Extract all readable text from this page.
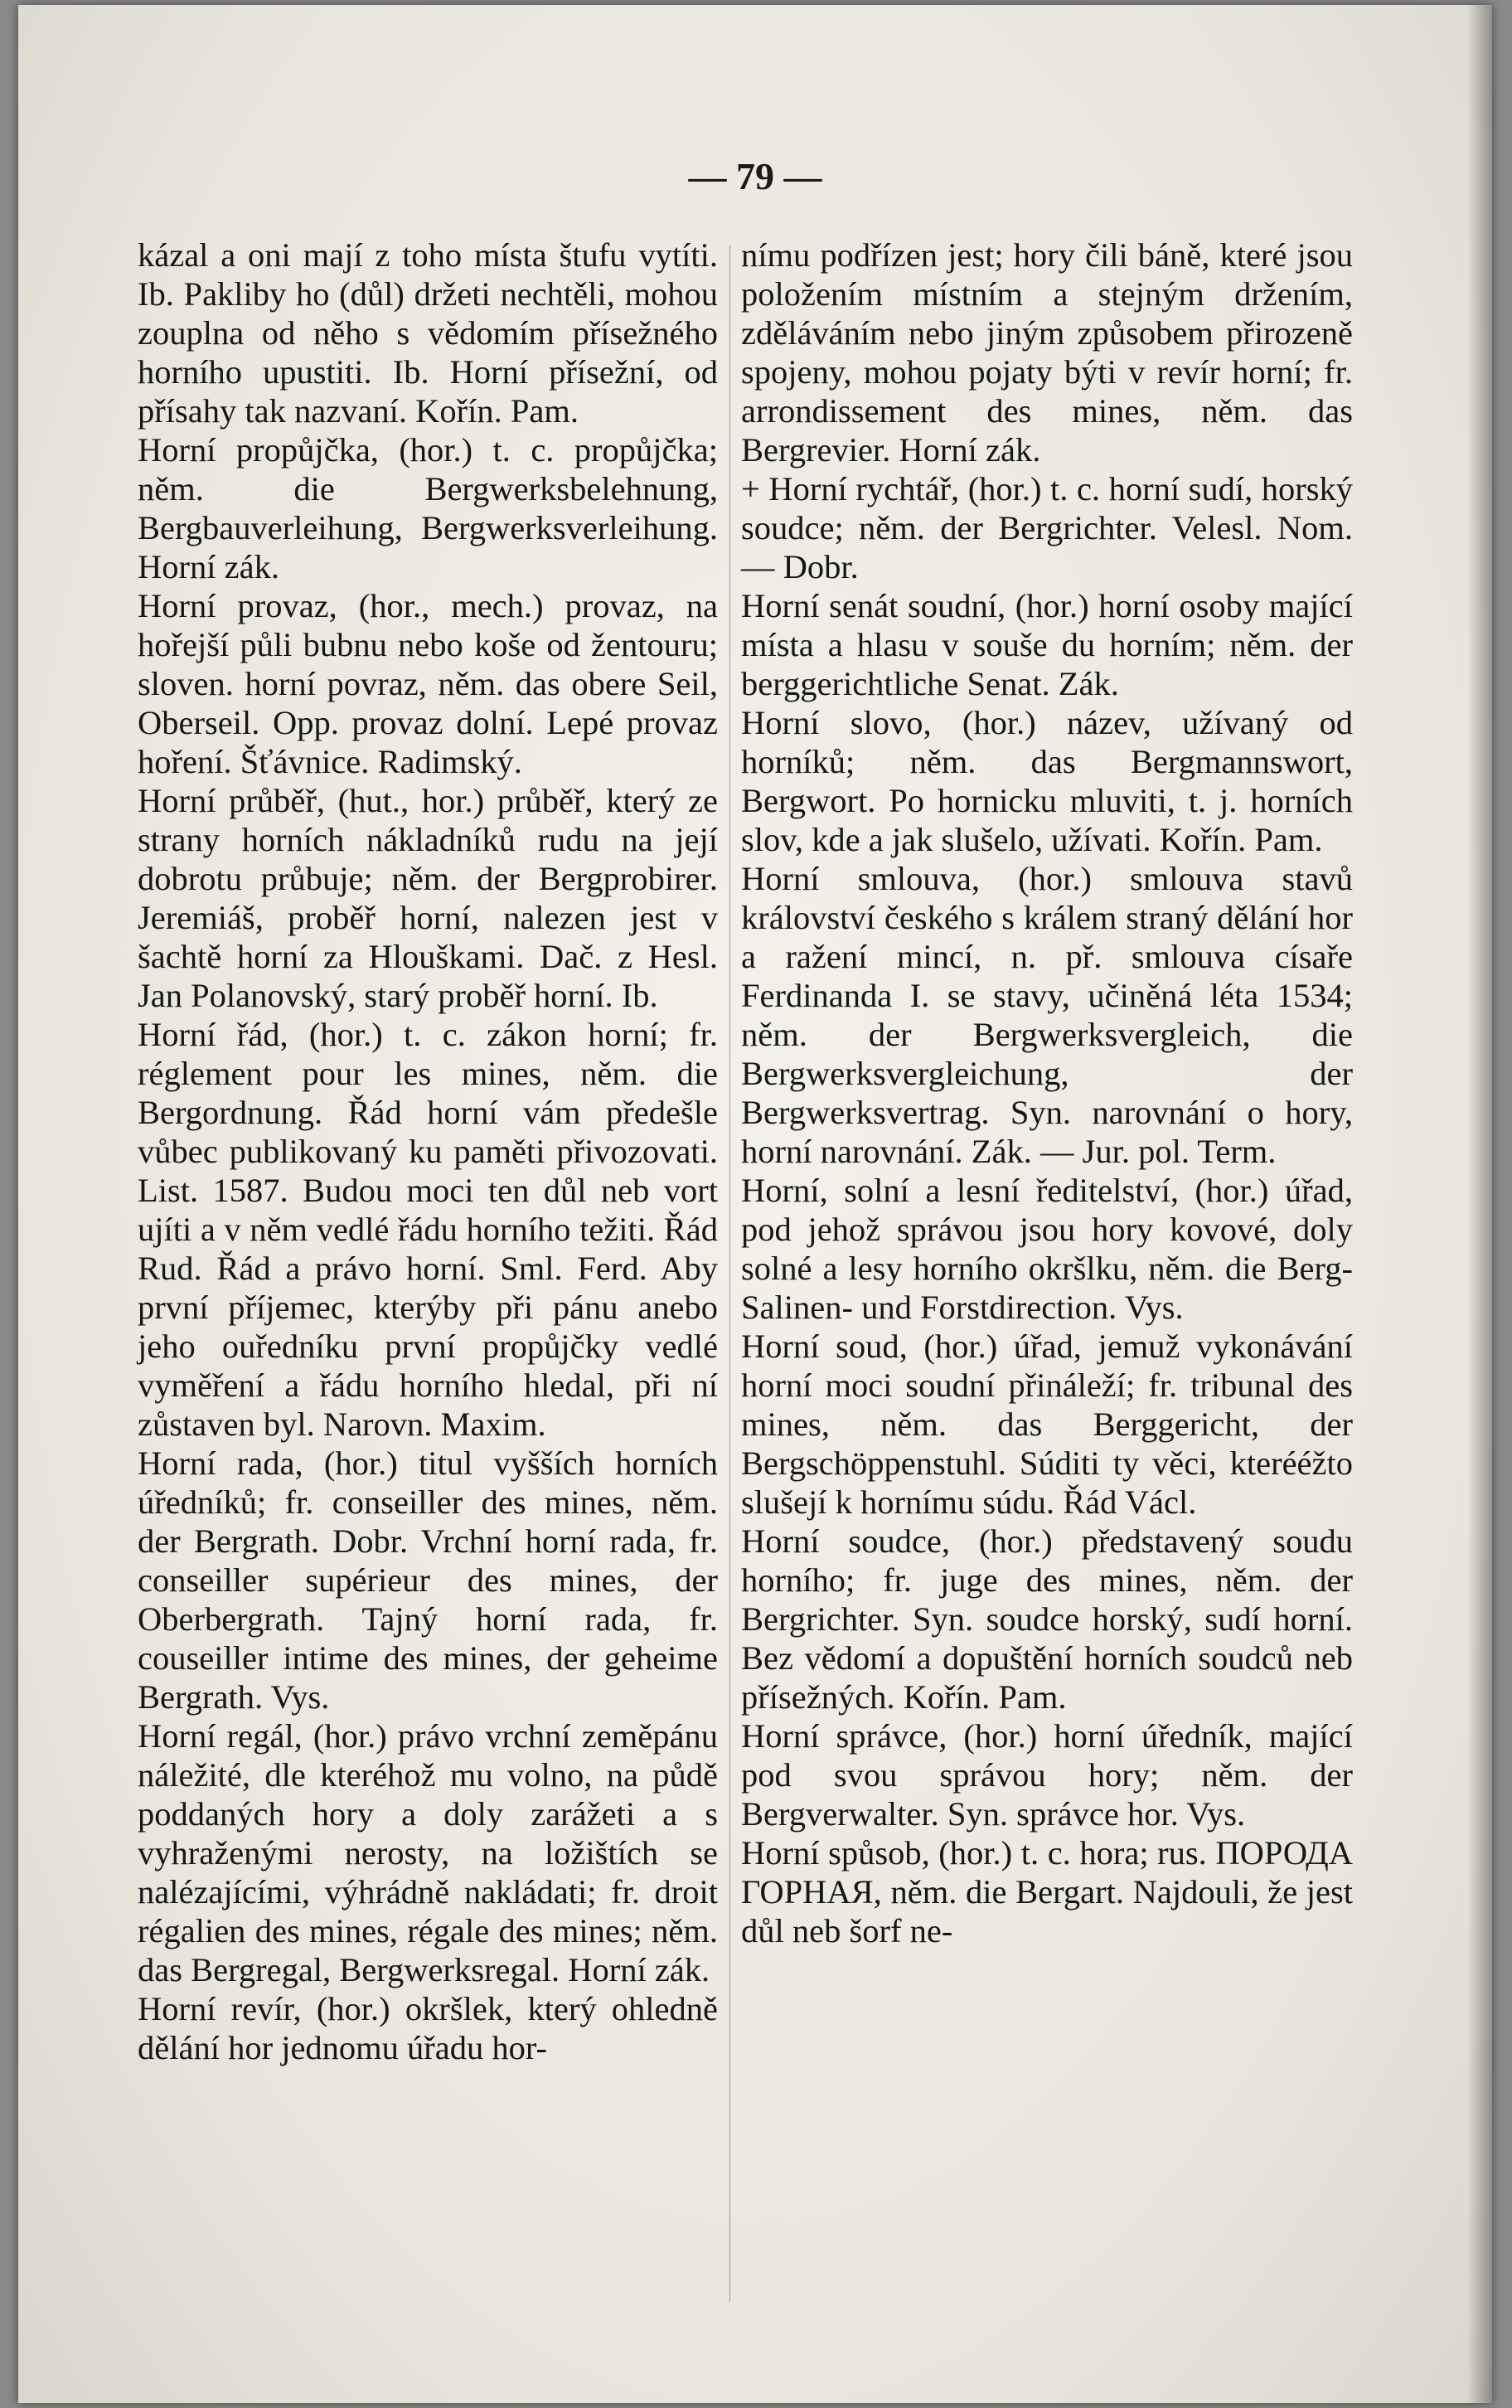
— 79 —

kázal a oni mají z toho místa štufu vytíti. Ib. Pakliby ho (důl) držeti nechtěli, mohou zouplna od něho s vědomím přísežného horního upustiti. Ib. Horní přísežní, od přísahy tak nazvaní. Kořín. Pam.

Horní propůjčka, (hor.) t. c. propůjčka; něm. die Bergwerksbelehnung, Bergbauverleihung, Bergwerksverleihung. Horní zák.

Horní provaz, (hor., mech.) provaz, na hořejší půli bubnu nebo koše od žentouru; sloven. horní povraz, něm. das obere Seil, Oberseil. Opp. provaz dolní. Lepé provaz hoření. Šťávnice. Radimský.

Horní průběř, (hut., hor.) průběř, který ze strany horních nákladníků rudu na její dobrotu průbuje; něm. der Bergprobirer. Jeremiáš, proběř horní, nalezen jest v šachtě horní za Hlouškami. Dač. z Hesl. Jan Polanovský, starý proběř horní. Ib.

Horní řád, (hor.) t. c. zákon horní; fr. réglement pour les mines, něm. die Bergordnung. Řád horní vám předešle vůbec publikovaný ku paměti přivozovati. List. 1587. Budou moci ten důl neb vort ujíti a v něm vedlé řádu horního težiti. Řád Rud. Řád a právo horní. Sml. Ferd. Aby první příjemec, kterýby při pánu anebo jeho ouředníku první propůjčky vedlé vyměření a řádu horního hledal, při ní zůstaven byl. Narovn. Maxim.

Horní rada, (hor.) titul vyšších horních úředníků; fr. conseiller des mines, něm. der Bergrath. Dobr. Vrchní horní rada, fr. conseiller supérieur des mines, der Oberbergrath. Tajný horní rada, fr. couseiller intime des mines, der geheime Bergrath. Vys.

Horní regál, (hor.) právo vrchní zeměpánu náležité, dle kteréhož mu volno, na půdě poddaných hory a doly zarážeti a s vyhraženými nerosty, na ložištích se nalézajícími, výhrádně nakládati; fr. droit régalien des mines, régale des mines; něm. das Bergregal, Bergwerksregal. Horní zák.

Horní revír, (hor.) okršlek, který ohledně dělání hor jednomu úřadu hor-

nímu podřízen jest; hory čili báně, které jsou položením místním a stejným držením, zděláváním nebo jiným způsobem přirozeně spojeny, mohou pojaty býti v revír horní; fr. arrondissement des mines, něm. das Bergrevier. Horní zák.

+ Horní rychtář, (hor.) t. c. horní sudí, horský soudce; něm. der Bergrichter. Velesl. Nom. — Dobr.

Horní senát soudní, (hor.) horní osoby mající místa a hlasu v souše du horním; něm. der berggerichtliche Senat. Zák.

Horní slovo, (hor.) název, užívaný od horníků; něm. das Bergmannswort, Bergwort. Po hornicku mluviti, t. j. horních slov, kde a jak slušelo, užívati. Kořín. Pam.

Horní smlouva, (hor.) smlouva stavů království českého s králem straný dělání hor a ražení mincí, n. př. smlouva císaře Ferdinanda I. se stavy, učiněná léta 1534; něm. der Bergwerksvergleich, die Bergwerksvergleichung, der Bergwerksvertrag. Syn. narovnání o hory, horní narovnání. Zák. — Jur. pol. Term.

Horní, solní a lesní ředitelství, (hor.) úřad, pod jehož správou jsou hory kovové, doly solné a lesy horního okršlku, něm. die Berg-Salinen- und Forstdirection. Vys.

Horní soud, (hor.) úřad, jemuž vykonávání horní moci soudní přináleží; fr. tribunal des mines, něm. das Berggericht, der Bergschöppenstuhl. Súditi ty věci, kterééžto slušejí k hornímu súdu. Řád Václ.

Horní soudce, (hor.) představený soudu horního; fr. juge des mines, něm. der Bergrichter. Syn. soudce horský, sudí horní. Bez vědomí a dopuštění horních soudců neb přísežných. Kořín. Pam.

Horní správce, (hor.) horní úředník, mající pod svou správou hory; něm. der Bergverwalter. Syn. správce hor. Vys.

Horní spůsob, (hor.) t. c. hora; rus. ПОРОДА ГОРНАЯ, něm. die Bergart. Najdouli, že jest důl neb šorf ne-
